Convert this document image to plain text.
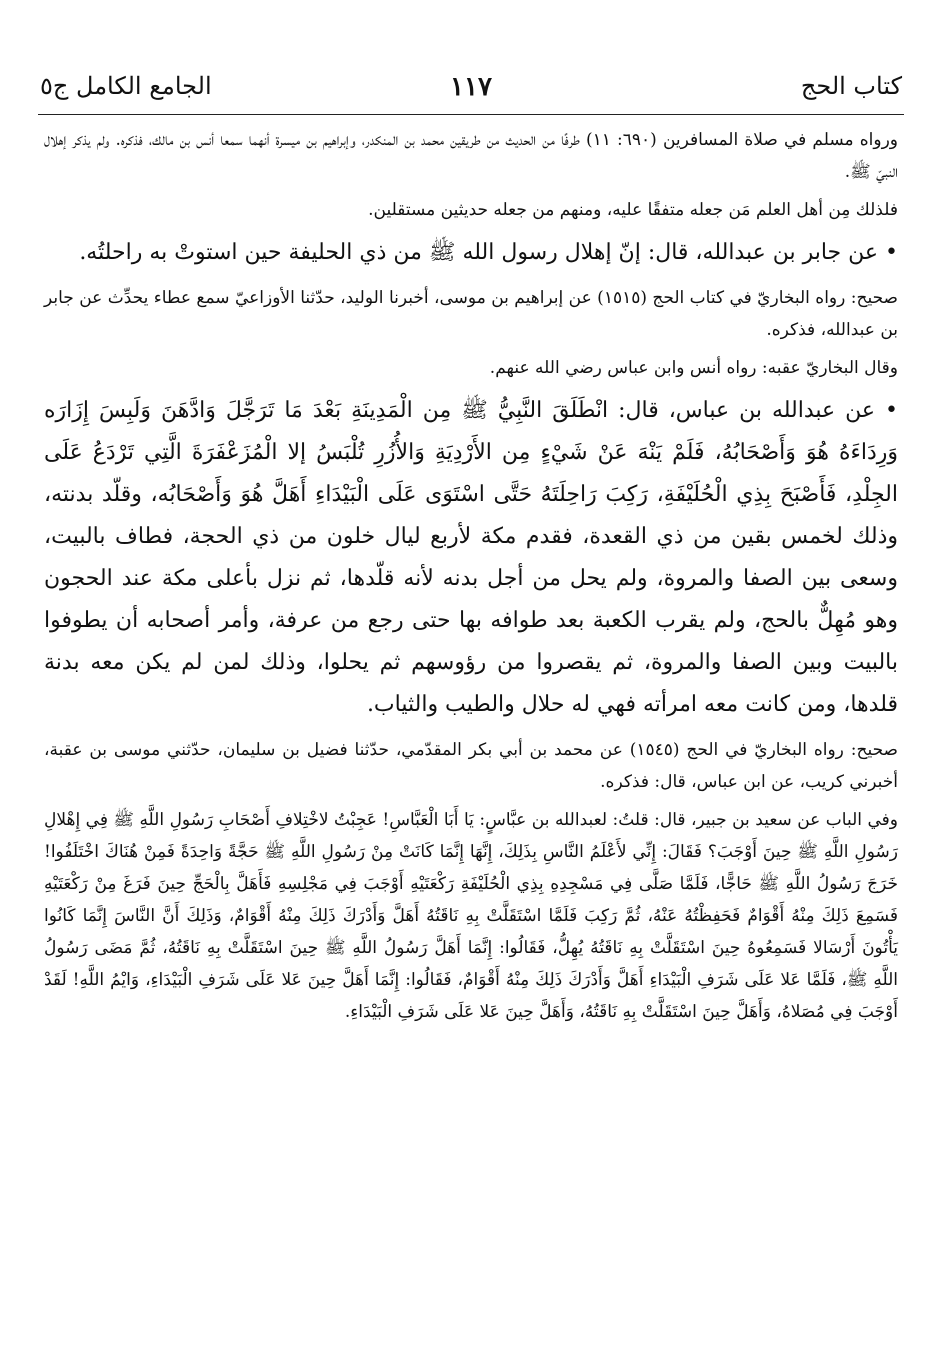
كتاب الحج
١١٧
الجامع الكامل ج٥

ورواه مسلم في صلاة المسافرين (٦٩٠: ١١) طرفًا من الحديث من طريقين محمد بن المنكدر، وإبراهيم بن ميسرة أنهما سمعا أنس بن مالك، فذكره. ولم يذكر إهلال النبيّ ﷺ.

فلذلك مِن أهل العلم مَن جعله متفقًا عليه، ومنهم من جعله حديثين مستقلين.

• عن جابر بن عبدالله، قال: إنّ إهلال رسول الله ﷺ من ذي الحليفة حين استوتْ به راحلتُه.

صحيح: رواه البخاريّ في كتاب الحج (١٥١٥) عن إبراهيم بن موسى، أخبرنا الوليد، حدّثنا الأوزاعيّ سمع عطاء يحدِّث عن جابر بن عبدالله، فذكره.

وقال البخاريّ عقبه: رواه أنس وابن عباس رضي الله عنهم.

• عن عبدالله بن عباس، قال: انْطَلَقَ النَّبِيُّ ﷺ مِن الْمَدِينَةِ بَعْدَ مَا تَرَجَّلَ وَادَّهَنَ وَلَبِسَ إِزَارَه وَرِدَاءَهُ هُوَ وَأَصْحَابُهُ، فَلَمْ يَنْهَ عَنْ شَيْءٍ مِن الأَرْدِيَةِ وَالأُزُرِ تُلْبَسُ إلا الْمُزَعْفَرَةَ الَّتِي تَرْدَعُ عَلَى الجِلْدِ، فَأَصْبَحَ بِذِي الْحُلَيْفَةِ، رَكِبَ رَاحِلَتَهُ حَتَّى اسْتَوَى عَلَى الْبَيْدَاءِ أَهَلَّ هُوَ وَأَصْحَابُه، وقلّد بدنته، وذلك لخمس بقين من ذي القعدة، فقدم مكة لأربع ليال خلون من ذي الحجة، فطاف بالبيت، وسعى بين الصفا والمروة، ولم يحل من أجل بدنه لأنه قلّدها، ثم نزل بأعلى مكة عند الحجون وهو مُهِلٌّ بالحج، ولم يقرب الكعبة بعد طوافه بها حتى رجع من عرفة، وأمر أصحابه أن يطوفوا بالبيت وبين الصفا والمروة، ثم يقصروا من رؤوسهم ثم يحلوا، وذلك لمن لم يكن معه بدنة قلدها، ومن كانت معه امرأته فهي له حلال والطيب والثياب.

صحيح: رواه البخاريّ في الحج (١٥٤٥) عن محمد بن أبي بكر المقدّمي، حدّثنا فضيل بن سليمان، حدّثني موسى بن عقبة، أخبرني كريب، عن ابن عباس، قال: فذكره.

وفي الباب عن سعيد بن جبير، قال: قلتُ: لعبدالله بن عبَّاسٍ: يَا أَبَا الْعَبَّاسِ! عَجِبْتُ لاخْتِلافِ أَصْحَابِ رَسُولِ اللَّهِ ﷺ فِي إِهْلالِ رَسُولِ اللَّهِ ﷺ حِينَ أَوْجَبَ؟ فَقَالَ: إِنِّي لأَعْلَمُ النَّاسِ بِذَلِكَ، إِنَّهَا إِنَّمَا كَانَتْ مِنْ رَسُولِ اللَّهِ ﷺ حَجَّةً وَاحِدَةً فَمِنْ هُنَاكَ اخْتَلَفُوا! خَرَجَ رَسُولُ اللَّهِ ﷺ حَاجًّا، فَلَمَّا صَلَّى فِي مَسْجِدِهِ بِذِي الْحُلَيْفَةِ رَكْعَتَيْهِ أَوْجَبَ فِي مَجْلِسِهِ فَأَهَلَّ بِالْحَجِّ حِينَ فَرَغَ مِنْ رَكْعَتَيْهِ فَسَمِعَ ذَلِكَ مِنْهُ أَقْوَامٌ فَحَفِظْتُهُ عَنْهُ، ثُمَّ رَكِبَ فَلَمَّا اسْتَقَلَّتْ بِهِ نَاقَتُهُ أَهَلَّ وَأَدْرَكَ ذَلِكَ مِنْهُ أَقْوَامٌ، وَذَلِكَ أَنَّ النَّاسَ إِنَّمَا كَانُوا يَأْتُونَ أَرْسَالا فَسَمِعُوهُ حِينَ اسْتَقَلَّتْ بِهِ نَاقَتُهُ يُهِلُّ، فَقَالُوا: إِنَّمَا أَهَلَّ رَسُولُ اللَّهِ ﷺ حِينَ اسْتَقَلَّتْ بِهِ نَاقَتُهُ، ثُمَّ مَضَى رَسُولُ اللَّهِ ﷺ، فَلَمَّا عَلا عَلَى شَرَفِ الْبَيْدَاءِ أَهَلَّ وَأَدْرَكَ ذَلِكَ مِنْهُ أَقْوَامٌ، فَقَالُوا: إِنَّمَا أَهَلَّ حِينَ عَلا عَلَى شَرَفِ الْبَيْدَاءِ، وَايْمُ اللَّهِ! لَقَدْ أَوْجَبَ فِي مُصَلاهُ، وَأَهَلَّ حِينَ اسْتَقَلَّتْ بِهِ نَاقَتُهُ، وَأَهَلَّ حِينَ عَلا عَلَى شَرَفِ الْبَيْدَاءِ.
